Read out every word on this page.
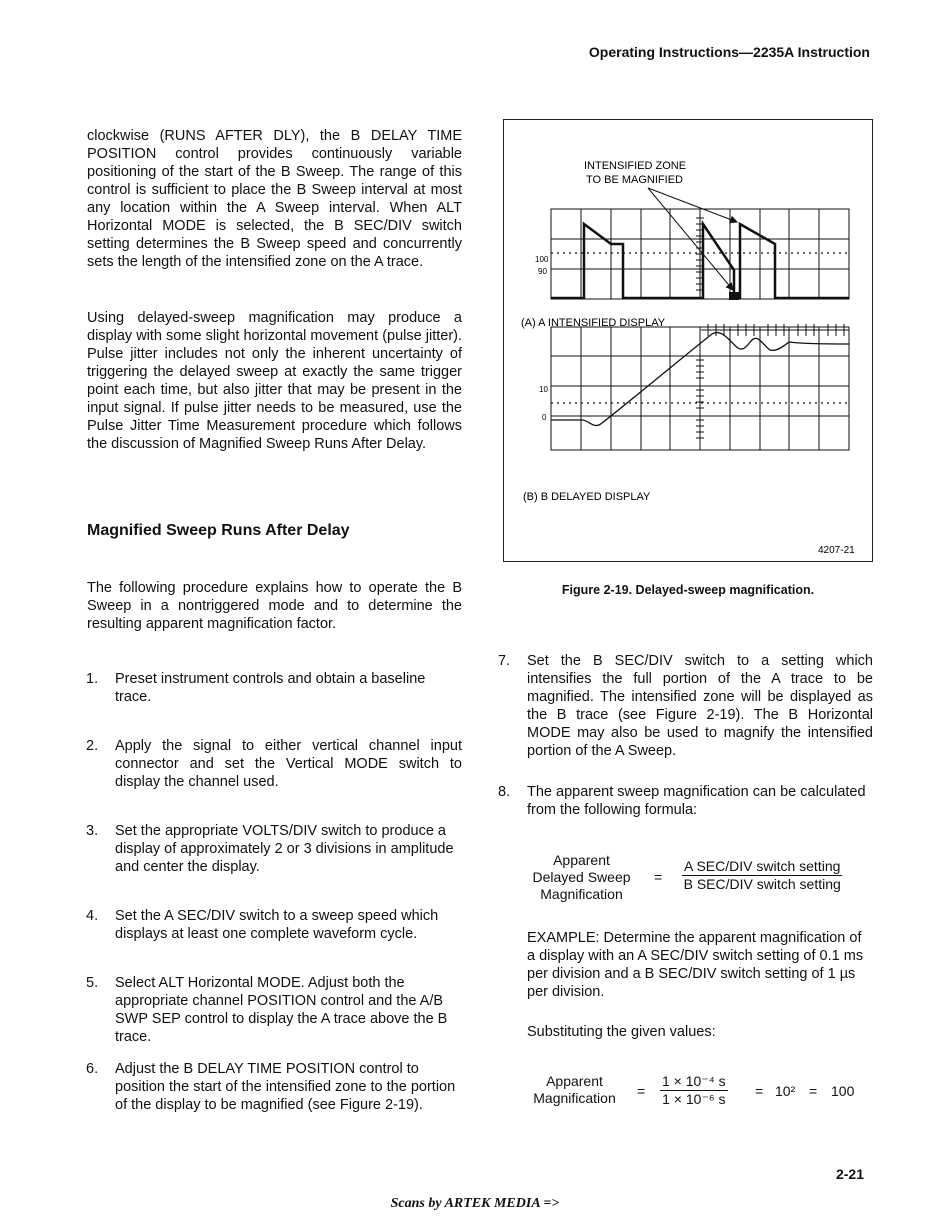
Operating Instructions—2235A Instruction
clockwise (RUNS AFTER DLY), the B DELAY TIME POSITION control provides continuously variable positioning of the start of the B Sweep. The range of this control is sufficient to place the B Sweep interval at most any location within the A Sweep interval. When ALT Horizontal MODE is selected, the B SEC/DIV switch setting determines the B Sweep speed and concurrently sets the length of the intensified zone on the A trace.
Using delayed-sweep magnification may produce a display with some slight horizontal movement (pulse jitter). Pulse jitter includes not only the inherent uncertainty of triggering the delayed sweep at exactly the same trigger point each time, but also jitter that may be present in the input signal. If pulse jitter needs to be measured, use the Pulse Jitter Time Measurement procedure which follows the discussion of Magnified Sweep Runs After Delay.
Magnified Sweep Runs After Delay
The following procedure explains how to operate the B Sweep in a nontriggered mode and to determine the resulting apparent magnification factor.
1. Preset instrument controls and obtain a baseline trace.
2. Apply the signal to either vertical channel input connector and set the Vertical MODE switch to display the channel used.
3. Set the appropriate VOLTS/DIV switch to produce a display of approximately 2 or 3 divisions in amplitude and center the display.
4. Set the A SEC/DIV switch to a sweep speed which displays at least one complete waveform cycle.
5. Select ALT Horizontal MODE. Adjust both the appropriate channel POSITION control and the A/B SWP SEP control to display the A trace above the B trace.
6. Adjust the B DELAY TIME POSITION control to position the start of the intensified zone to the portion of the display to be magnified (see Figure 2-19).
INTENSIFIED ZONE
TO BE MAGNIFIED
100
90
(A) A INTENSIFIED DISPLAY
10
0
(B) B DELAYED DISPLAY
4207-21
Figure 2-19. Delayed-sweep magnification.
7. Set the B SEC/DIV switch to a setting which intensifies the full portion of the A trace to be magnified. The intensified zone will be displayed as the B trace (see Figure 2-19). The B Horizontal MODE may also be used to magnify the intensified portion of the A Sweep.
8. The apparent sweep magnification can be calculated from the following formula:
Apparent
Delayed Sweep
Magnification
=
A SEC/DIV switch setting
B SEC/DIV switch setting
EXAMPLE: Determine the apparent magnification of a display with an A SEC/DIV switch setting of 0.1 ms per division and a B SEC/DIV switch setting of 1 µs per division.
Substituting the given values:
Apparent
Magnification	= $\frac{\text{1 × 10⁻⁴ s}}{\text{1 × 10⁻⁶ s}} = 10^2 = 100$
2-21
Scans by ARTEK MEDIA =>
